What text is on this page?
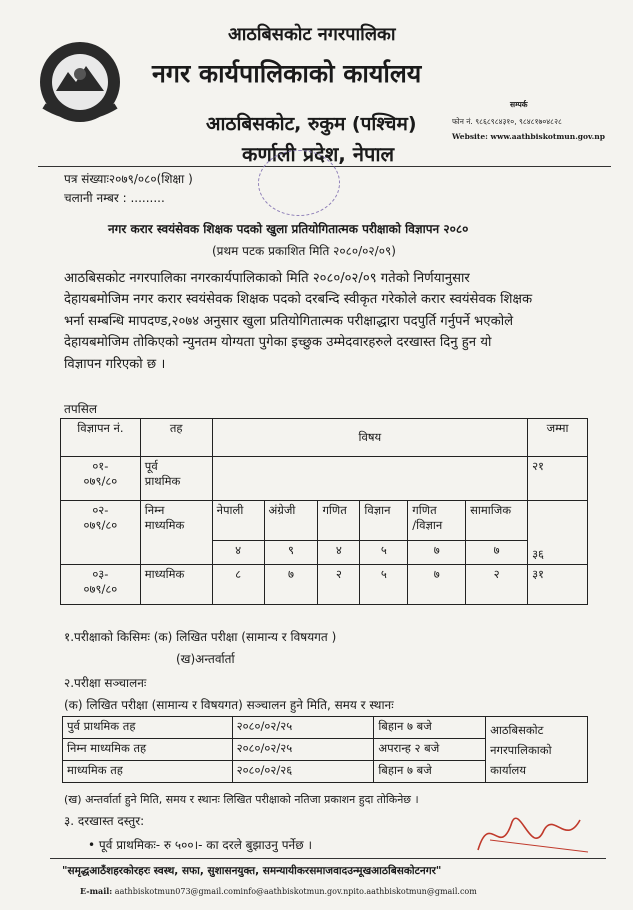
आठबिसकोट नगरपालिका
नगर कार्यपालिकाको कार्यालय
आठबिसकोट, रुकुम (पश्चिम)
कर्णाली प्रदेश, नेपाल
सम्पर्क
फोन नं. ९८६८९८४३१०, ९८४८१७०४८२८
Website: www.aathbiskotmun.gov.np
पत्र संख्याः२०७९/०८०(शिक्षा )
चलानी नम्बर : .........
नगर करार स्वयंसेवक शिक्षक पदको खुला प्रतियोगितात्मक परीक्षाको विज्ञापन २०८०
(प्रथम पटक प्रकाशित मिति २०८०/०२/०९)
आठबिसकोट नगरपालिका नगरकार्यपालिकाको मिति २०८०/०२/०९ गतेको निर्णयानुसार
देहायबमोजिम नगर करार स्वयंसेवक शिक्षक पदको दरबन्दि स्वीकृत गरेकोले करार स्वयंसेवक शिक्षक
भर्ना सम्बन्धि मापदण्ड,२०७४ अनुसार खुला प्रतियोगितात्मक परीक्षाद्धारा पदपुर्ति गर्नुपर्ने भएकोले
देहायबमोजिम तोकिएको न्युनतम योग्यता पुगेका इच्छुक उम्मेदवारहरुले दरखास्त दिनु हुन यो
विज्ञापन गरिएको छ ।
तपसिल
विज्ञापन नं.	तह	विषय						जम्मा
०१-
०७९/८०	पूर्व
प्राथमिक							२१
०२-
०७९/८०	निम्न
माध्यमिक	नेपाली	अंग्रेजी	गणित	विज्ञान	गणित
/विज्ञान	सामाजिक	३६
		४	९	४	५	७	७	
०३-
०७९/८०	माध्यमिक	८	७	२	५	७	२	३१
१.परीक्षाको किसिमः (क) लिखित परीक्षा (सामान्य र विषयगत )
(ख)अन्तर्वार्ता
२.परीक्षा सञ्चालनः
(क) लिखित परीक्षा (सामान्य र विषयगत) सञ्चालन हुने मिति, समय र स्थानः
पुर्व प्राथमिक तह	२०८०/०२/२५	बिहान ७ बजे	आठबिसकोट
नगरपालिकाको
कार्यालय
निम्न माध्यमिक तह	२०८०/०२/२५	अपरान्ह २ बजे	
माध्यमिक तह	२०८०/०२/२६	बिहान ७ बजे	
(ख) अन्तर्वार्ता हुने मिति, समय र स्थानः लिखित परीक्षाको नतिजा प्रकाशन हुदा तोकिनेछ ।
३. दरखास्त दस्तुर:
• पूर्व प्राथमिकः- रु ५००।- का दरले बुझाउनु पर्नेछ ।
"समृद्धआठँशहरकोरहरः स्वस्थ, सफा, सुशासनयुक्त, समन्यायीकरसमाजवादउन्मूखआठबिसकोटनगर"
E-mail: aathbiskotmun073@gmail.cominfo@aathbiskotmun.gov.npito.aathbiskotmun@gmail.com
